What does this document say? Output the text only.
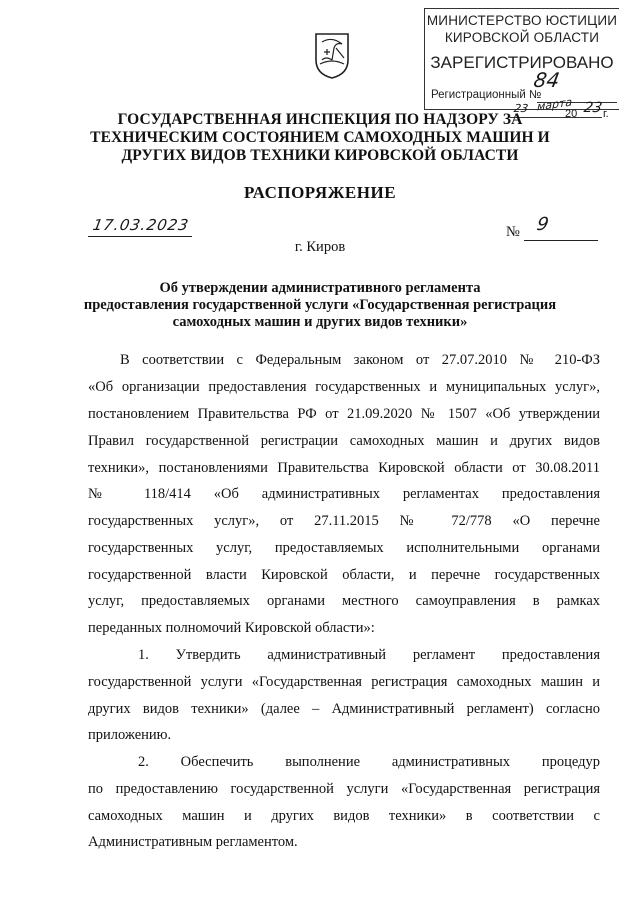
МИНИСТЕРСТВО ЮСТИЦИИ
КИРОВСКОЙ ОБЛАСТИ
ЗАРЕГИСТРИРОВАНО
Регистрационный №
84
23 марта
20 23 г.
ГОСУДАРСТВЕННАЯ ИНСПЕКЦИЯ ПО НАДЗОРУ ЗА
ТЕХНИЧЕСКИМ СОСТОЯНИЕМ САМОХОДНЫХ МАШИН И
ДРУГИХ ВИДОВ ТЕХНИКИ КИРОВСКОЙ ОБЛАСТИ
РАСПОРЯЖЕНИЕ
17.03.2023	№ 9
г. Киров
Об утверждении административного регламента
предоставления государственной услуги «Государственная регистрация
самоходных машин и других видов техники»
В соответствии с Федеральным законом от 27.07.2010 № 210-ФЗ
«Об организации предоставления государственных и муниципальных услуг»,
постановлением Правительства РФ от 21.09.2020 № 1507 «Об утверждении
Правил государственной регистрации самоходных машин и других видов
техники», постановлениями Правительства Кировской области от 30.08.2011
№ 118/414 «Об административных регламентах предоставления
государственных услуг», от 27.11.2015 № 72/778 «О перечне
государственных услуг, предоставляемых исполнительными органами
государственной власти Кировской области, и перечне государственных
услуг, предоставляемых органами местного самоуправления в рамках
переданных полномочий Кировской области»:
1. Утвердить административный регламент предоставления
государственной услуги «Государственная регистрация самоходных машин и
других видов техники» (далее – Административный регламент) согласно
приложению.
2. Обеспечить выполнение административных процедур
по предоставлению государственной услуги «Государственная регистрация
самоходных машин и других видов техники» в соответствии с
Административным регламентом.
